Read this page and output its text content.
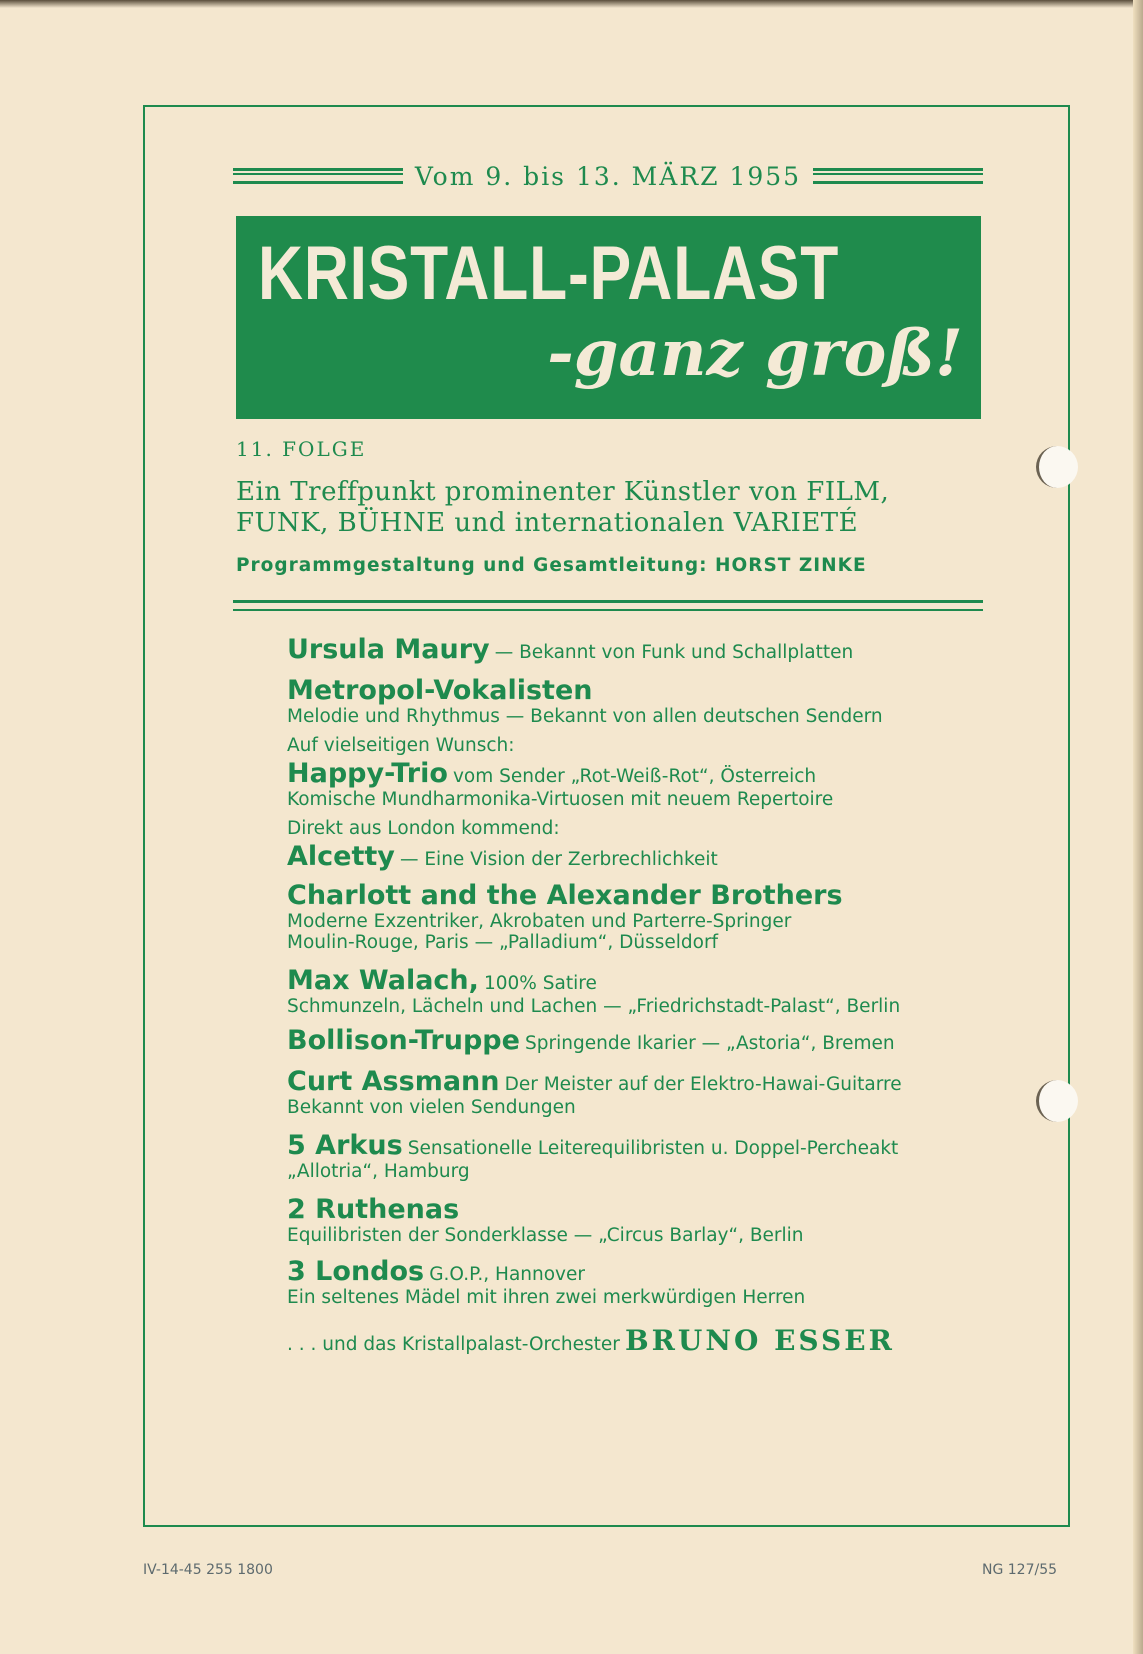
Vom 9. bis 13. MÄRZ 1955
KRISTALL-PALAST
-ganz groß!
11. FOLGE
Ein Treffpunkt prominenter Künstler von FILM,
FUNK, BÜHNE und internationalen VARIETÉ
Programmgestaltung und Gesamtleitung: HORST ZINKE
Ursula Maury — Bekannt von Funk und Schallplatten
Metropol-Vokalisten
Melodie und Rhythmus — Bekannt von allen deutschen Sendern
Auf vielseitigen Wunsch:
Happy-Trio vom Sender „Rot-Weiß-Rot“, Österreich
Komische Mundharmonika-Virtuosen mit neuem Repertoire
Direkt aus London kommend:
Alcetty — Eine Vision der Zerbrechlichkeit
Charlott and the Alexander Brothers
Moderne Exzentriker, Akrobaten und Parterre-Springer
Moulin-Rouge, Paris — „Palladium“, Düsseldorf
Max Walach, 100% Satire
Schmunzeln, Lächeln und Lachen — „Friedrichstadt-Palast“, Berlin
Bollison-Truppe Springende Ikarier — „Astoria“, Bremen
Curt Assmann Der Meister auf der Elektro-Hawai-Guitarre
Bekannt von vielen Sendungen
5 Arkus Sensationelle Leiterequilibristen u. Doppel-Percheakt
„Allotria“, Hamburg
2 Ruthenas
Equilibristen der Sonderklasse — „Circus Barlay“, Berlin
3 Londos G.O.P., Hannover
Ein seltenes Mädel mit ihren zwei merkwürdigen Herren
. . . und das Kristallpalast-Orchester BRUNO ESSER
IV-14-45 255 1800	NG 127/55
